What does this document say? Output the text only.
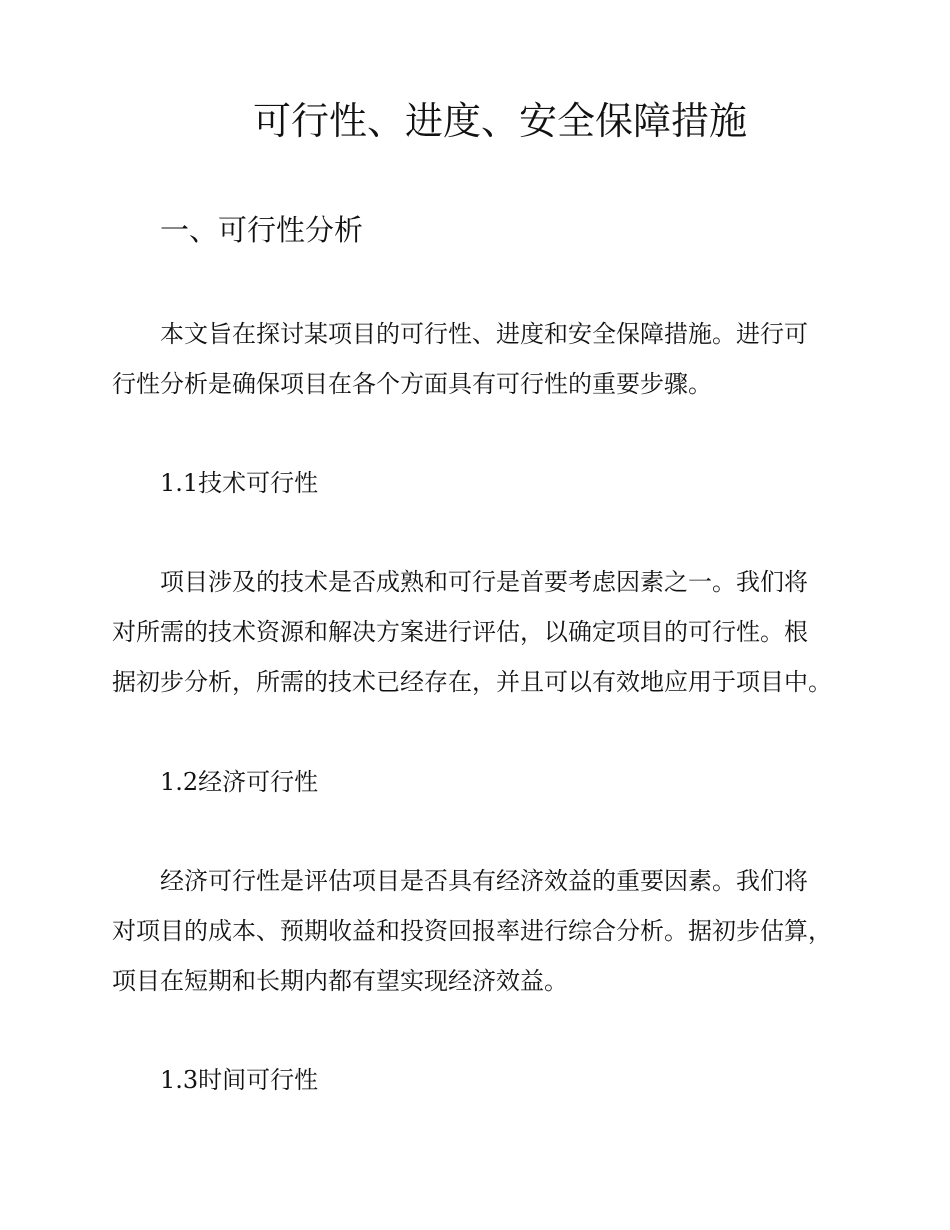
可行性、进度、安全保障措施
一、可行性分析
本文旨在探讨某项目的可行性、进度和安全保障措施。进行可
行性分析是确保项目在各个方面具有可行性的重要步骤。
1.1技术可行性
项目涉及的技术是否成熟和可行是首要考虑因素之一。我们将
对所需的技术资源和解决方案进行评估，以确定项目的可行性。根
据初步分析，所需的技术已经存在，并且可以有效地应用于项目中。
1.2经济可行性
经济可行性是评估项目是否具有经济效益的重要因素。我们将
对项目的成本、预期收益和投资回报率进行综合分析。据初步估算，
项目在短期和长期内都有望实现经济效益。
1.3时间可行性
